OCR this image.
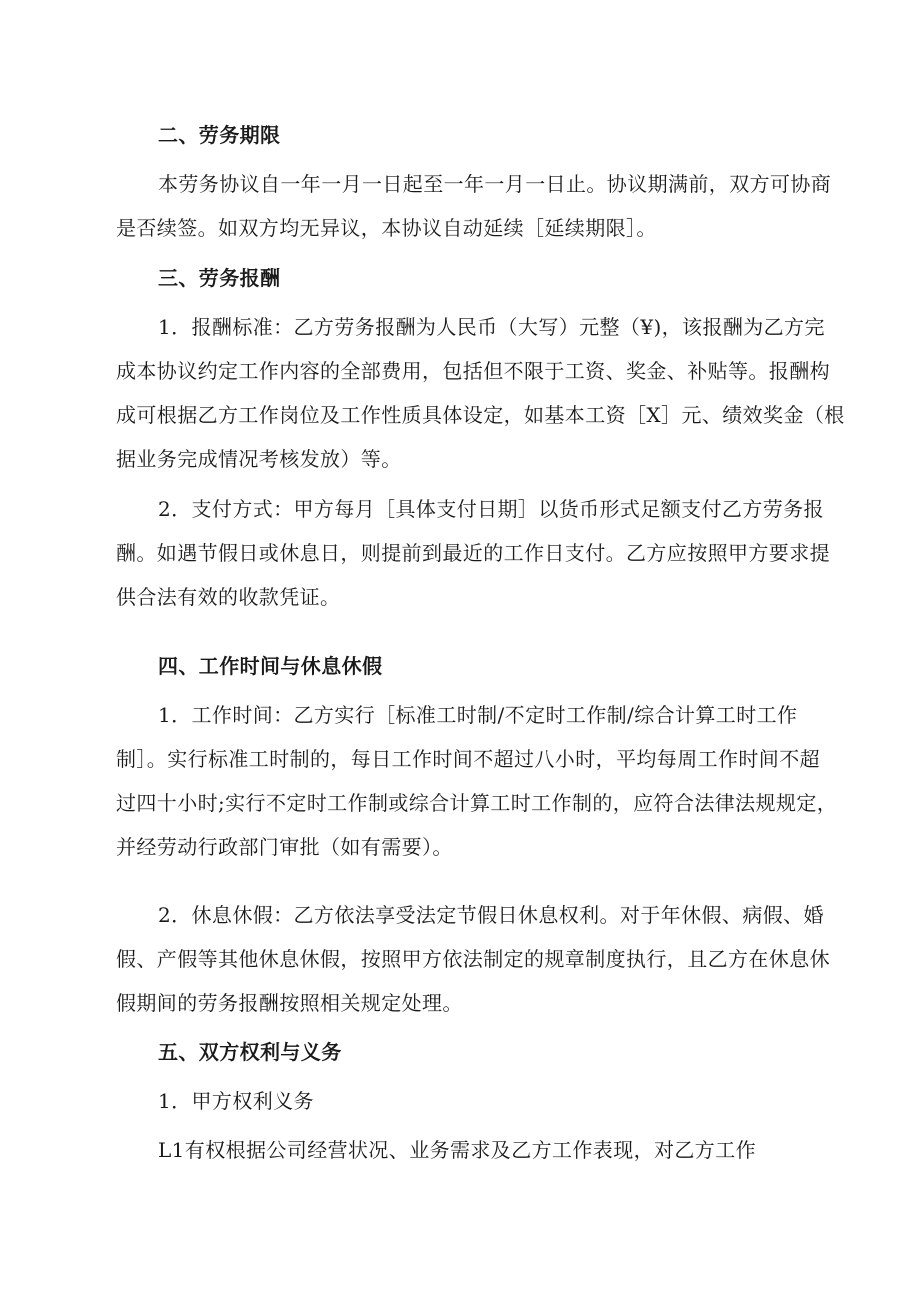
二、劳务期限
本劳务协议自一年一月一日起至一年一月一日止。协议期满前，双方可协商
是否续签。如双方均无异议，本协议自动延续［延续期限］。
三、劳务报酬
1．报酬标准：乙方劳务报酬为人民币（大写）元整（¥)，该报酬为乙方完
成本协议约定工作内容的全部费用，包括但不限于工资、奖金、补贴等。报酬构
成可根据乙方工作岗位及工作性质具体设定，如基本工资［X］元、绩效奖金（根
据业务完成情况考核发放）等。
2．支付方式：甲方每月［具体支付日期］以货币形式足额支付乙方劳务报
酬。如遇节假日或休息日，则提前到最近的工作日支付。乙方应按照甲方要求提
供合法有效的收款凭证。
四、工作时间与休息休假
1．工作时间：乙方实行［标准工时制/不定时工作制/综合计算工时工作
制］。实行标准工时制的，每日工作时间不超过八小时，平均每周工作时间不超
过四十小时;实行不定时工作制或综合计算工时工作制的，应符合法律法规规定，
并经劳动行政部门审批（如有需要）。
2．休息休假：乙方依法享受法定节假日休息权利。对于年休假、病假、婚
假、产假等其他休息休假，按照甲方依法制定的规章制度执行，且乙方在休息休
假期间的劳务报酬按照相关规定处理。
五、双方权利与义务
1．甲方权利义务
L1有权根据公司经营状况、业务需求及乙方工作表现，对乙方工作
